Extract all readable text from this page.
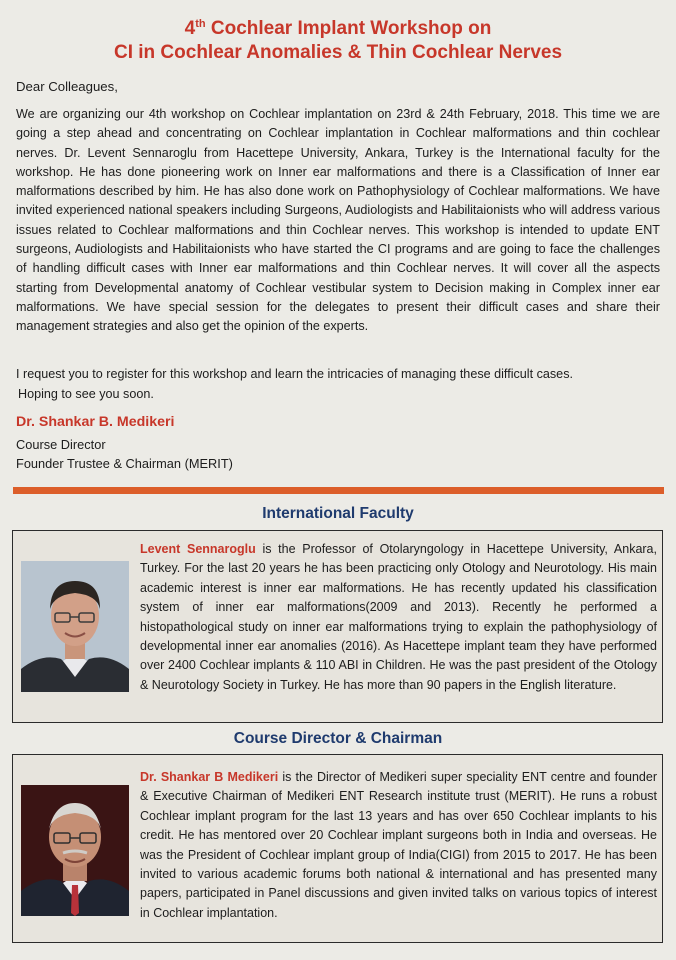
4th Cochlear Implant Workshop on
CI in Cochlear Anomalies & Thin Cochlear Nerves
Dear Colleagues,

We are organizing our 4th workshop on Cochlear implantation on 23rd & 24th February, 2018. This time we are going a step ahead and concentrating on Cochlear implantation in Cochlear malformations and thin cochlear nerves. Dr. Levent Sennaroglu from Hacettepe University, Ankara, Turkey is the International faculty for the workshop. He has done pioneering work on Inner ear malformations and there is a Classification of Inner ear malformations described by him. He has also done work on Pathophysiology of Cochlear malformations. We have invited experienced national speakers including Surgeons, Audiologists and Habilitaionists who will address various issues related to Cochlear malformations and thin Cochlear nerves. This workshop is intended to update ENT surgeons, Audiologists and Habilitaionists who have started the CI programs and are going to face the challenges of handling difficult cases with Inner ear malformations and thin Cochlear nerves. It will cover all the aspects starting from Developmental anatomy of Cochlear vestibular system to Decision making in Complex inner ear malformations. We have special session for the delegates to present their difficult cases and share their management strategies and also get the opinion of the experts.

I request you to register for this workshop and learn the intricacies of managing these difficult cases.
Hoping to see you soon.
Dr. Shankar B. Medikeri
Course Director
Founder Trustee & Chairman (MERIT)
International Faculty

Levent Sennaroglu is the Professor of Otolaryngology in Hacettepe University, Ankara, Turkey. For the last 20 years he has been practicing only Otology and Neurotology. His main academic interest is inner ear malformations. He has recently updated his classification system of inner ear malformations(2009 and 2013). Recently he performed a histopathological study on inner ear malformations trying to explain the pathophysiology of developmental inner ear anomalies (2016). As Hacettepe implant team they have performed over 2400 Cochlear implants & 110 ABI in Children. He was the past president of the Otology & Neurotology Society in Turkey. He has more than 90 papers in the English literature.

Course Director & Chairman

Dr. Shankar B Medikeri is the Director of Medikeri super speciality ENT centre and founder & Executive Chairman of Medikeri ENT Research institute trust (MERIT). He runs a robust Cochlear implant program for the last 13 years and has over 650 Cochlear implants to his credit. He has mentored over 20 Cochlear implant surgeons both in India and overseas. He was the President of Cochlear implant group of India(CIGI) from 2015 to 2017. He has been invited to various academic forums both national & international and has presented many papers, participated in Panel discussions and given invited talks on various topics of interest in Cochlear implantation.
